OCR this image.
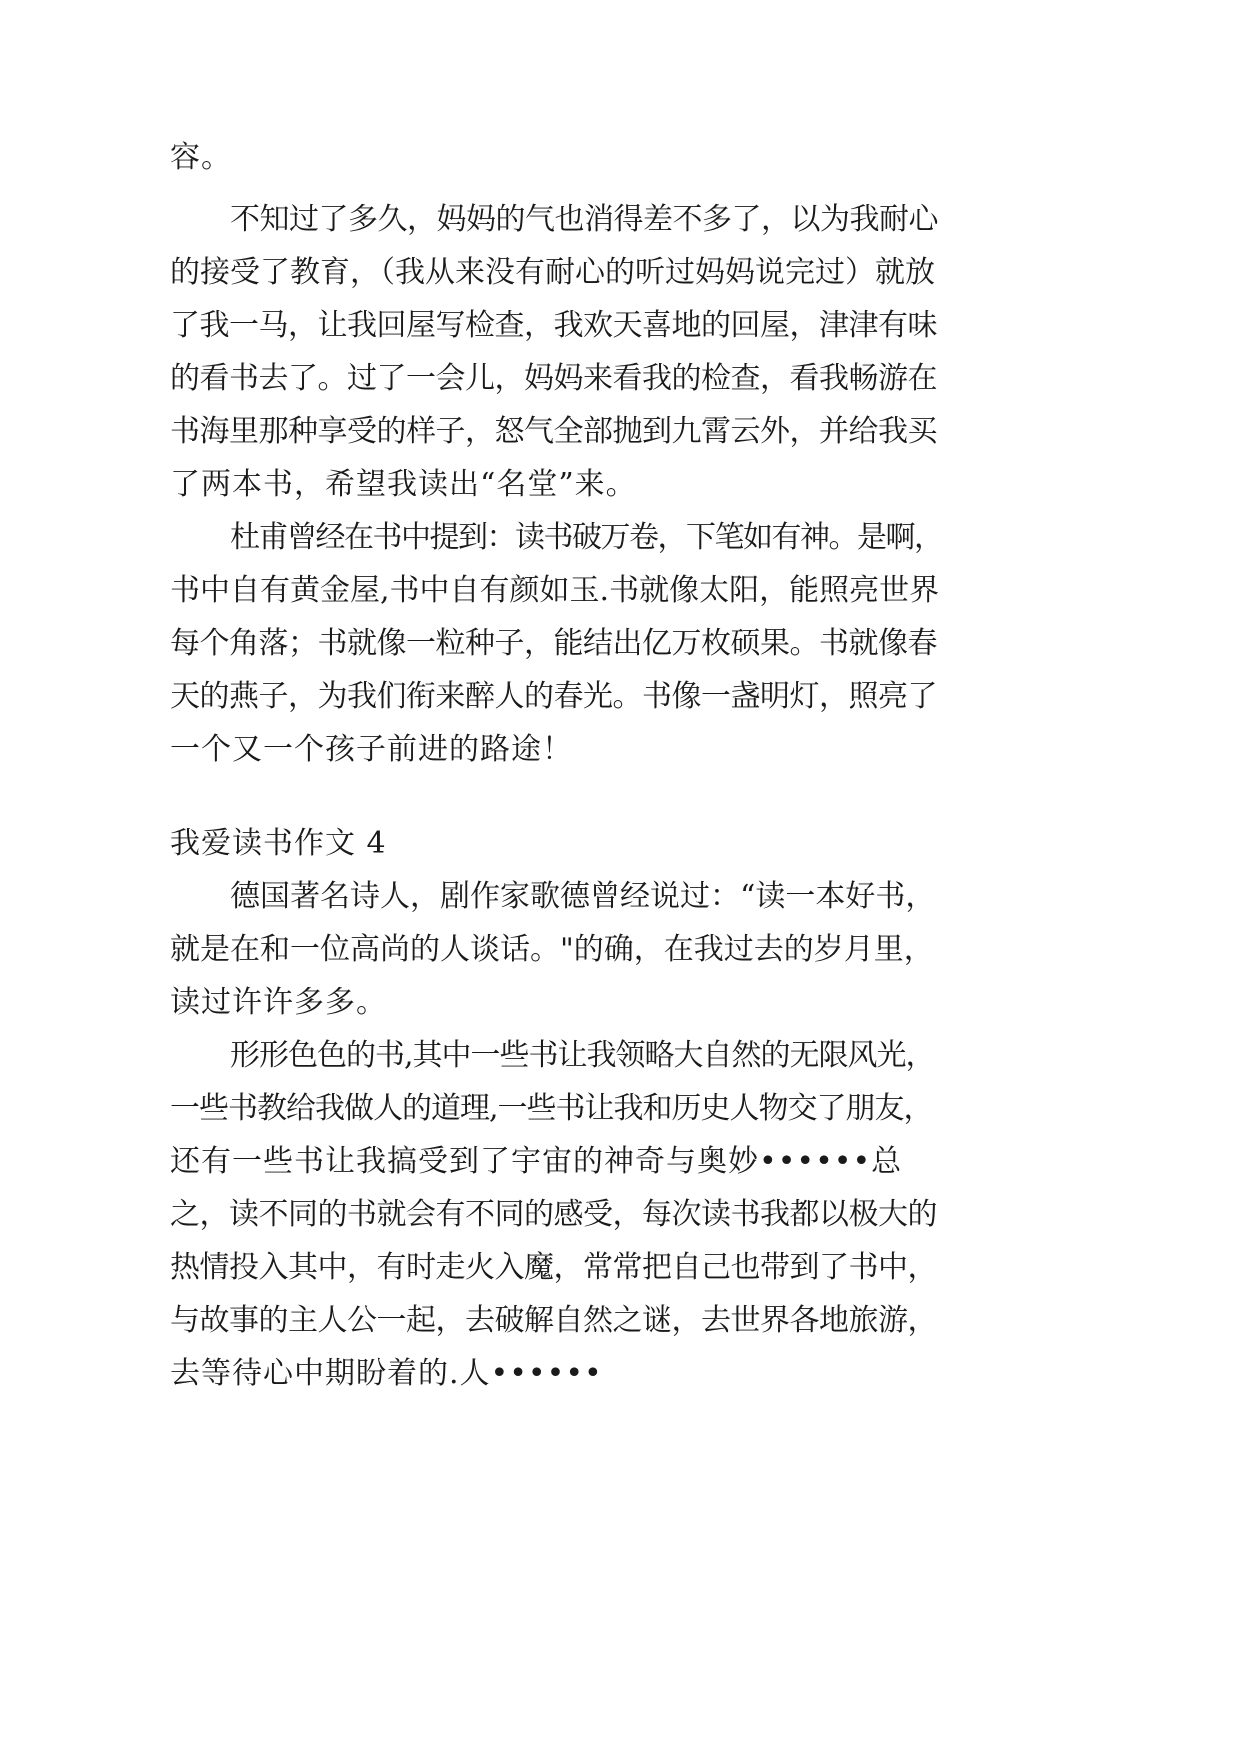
容。
不知过了多久，妈妈的气也消得差不多了，以为我耐心
的接受了教育，（我从来没有耐心的听过妈妈说完过）就放
了我一马，让我回屋写检查，我欢天喜地的回屋，津津有味
的看书去了。过了一会儿，妈妈来看我的检查，看我畅游在
书海里那种享受的样子，怒气全部抛到九霄云外，并给我买
了两本书，希望我读出“名堂”来。
杜甫曾经在书中提到：读书破万卷，下笔如有神。是啊，
书中自有黄金屋,书中自有颜如玉.书就像太阳，能照亮世界
每个角落；书就像一粒种子，能结出亿万枚硕果。书就像春
天的燕子，为我们衔来醉人的春光。书像一盏明灯，照亮了
一个又一个孩子前进的路途！
我爱读书作文 4
德国著名诗人，剧作家歌德曾经说过：“读一本好书，
就是在和一位高尚的人谈话。"的确，在我过去的岁月里，
读过许许多多。
形形色色的书,其中一些书让我领略大自然的无限风光，
一些书教给我做人的道理,一些书让我和历史人物交了朋友，
还有一些书让我搞受到了宇宙的神奇与奥妙••••••总
之，读不同的书就会有不同的感受，每次读书我都以极大的
热情投入其中，有时走火入魔，常常把自己也带到了书中，
与故事的主人公一起，去破解自然之谜，去世界各地旅游，
去等待心中期盼着的.人••••••
